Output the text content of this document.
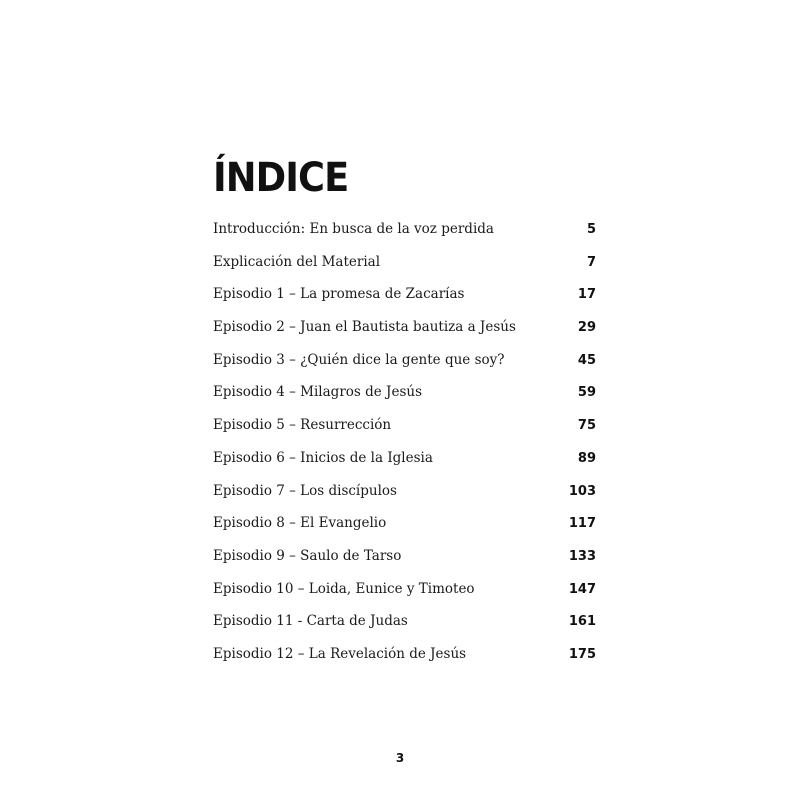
ÍNDICE
Introducción: En busca de la voz perdida	5
Explicación del Material	7
Episodio 1 – La promesa de Zacarías	17
Episodio 2 – Juan el Bautista bautiza a Jesús	29
Episodio 3 – ¿Quién dice la gente que soy?	45
Episodio 4 – Milagros de Jesús	59
Episodio 5 – Resurrección	75
Episodio 6 – Inicios de la Iglesia	89
Episodio 7 – Los discípulos	103
Episodio 8 – El Evangelio	117
Episodio 9 – Saulo de Tarso	133
Episodio 10 – Loida, Eunice y Timoteo	147
Episodio 11 - Carta de Judas	161
Episodio 12 – La Revelación de Jesús	175
3
